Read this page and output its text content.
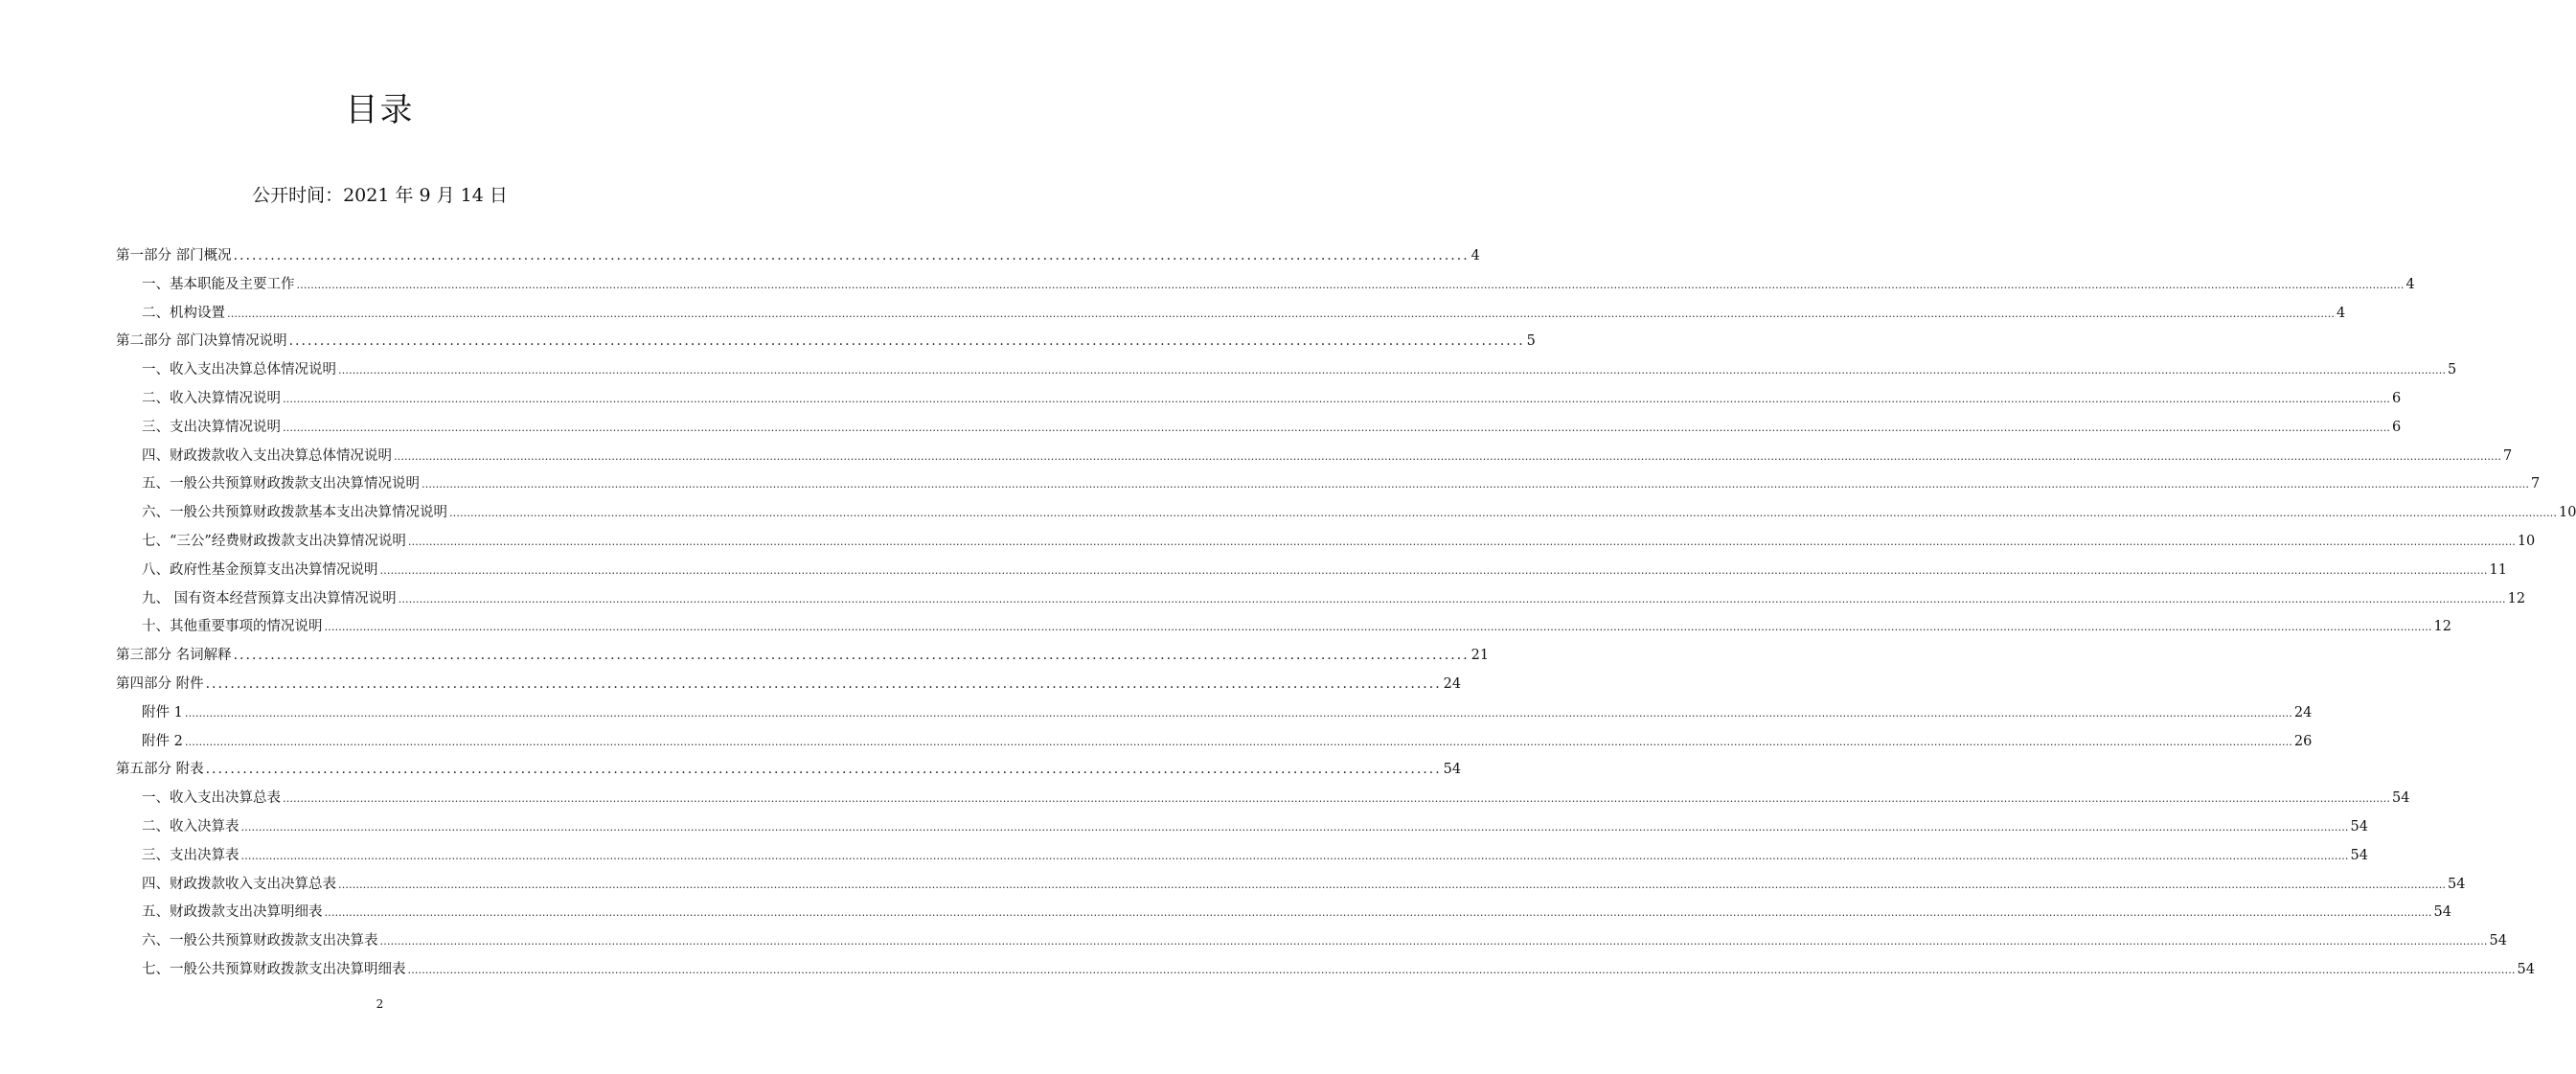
目录
公开时间：2021 年 9 月 14 日
第一部分 部门概况 ........................................................................................................................................................................................................ 4
一、基本职能及主要工作 …………………………………………………………………………………………………………………………………………………………………………………………………………………………………………………………………………………………………………………………………………………………………………………………………………………………………………………………………………………………………………………………………………………… 4
二、机构设置 …………………………………………………………………………………………………………………………………………………………………………………………………………………………………………………………………………………………………………………………………………………………………………………………………………………………………………………………………………………………………………………………………………………… 4
第二部分 部门决算情况说明 ........................................................................................................................................................................................................ 5
一、收入支出决算总体情况说明 …………………………………………………………………………………………………………………………………………………………………………………………………………………………………………………………………………………………………………………………………………………………………………………………………………………………………………………………………………………………………………………………………………………… 5
二、收入决算情况说明 …………………………………………………………………………………………………………………………………………………………………………………………………………………………………………………………………………………………………………………………………………………………………………………………………………………………………………………………………………………………………………………………………………………… 6
三、支出决算情况说明 …………………………………………………………………………………………………………………………………………………………………………………………………………………………………………………………………………………………………………………………………………………………………………………………………………………………………………………………………………………………………………………………………………………… 6
四、财政拨款收入支出决算总体情况说明 …………………………………………………………………………………………………………………………………………………………………………………………………………………………………………………………………………………………………………………………………………………………………………………………………………………………………………………………………………………………………………………………………………………… 7
五、一般公共预算财政拨款支出决算情况说明 …………………………………………………………………………………………………………………………………………………………………………………………………………………………………………………………………………………………………………………………………………………………………………………………………………………………………………………………………………………………………………………………………………………… 7
六、一般公共预算财政拨款基本支出决算情况说明 …………………………………………………………………………………………………………………………………………………………………………………………………………………………………………………………………………………………………………………………………………………………………………………………………………………………………………………………………………………………………………………………………………………… 10
七、“三公”经费财政拨款支出决算情况说明 …………………………………………………………………………………………………………………………………………………………………………………………………………………………………………………………………………………………………………………………………………………………………………………………………………………………………………………………………………………………………………………………………………………… 10
八、政府性基金预算支出决算情况说明 …………………………………………………………………………………………………………………………………………………………………………………………………………………………………………………………………………………………………………………………………………………………………………………………………………………………………………………………………………………………………………………………………………………… 11
九、 国有资本经营预算支出决算情况说明 …………………………………………………………………………………………………………………………………………………………………………………………………………………………………………………………………………………………………………………………………………………………………………………………………………………………………………………………………………………………………………………………………………………… 12
十、其他重要事项的情况说明 …………………………………………………………………………………………………………………………………………………………………………………………………………………………………………………………………………………………………………………………………………………………………………………………………………………………………………………………………………………………………………………………………………………… 12
第三部分 名词解释 ........................................................................................................................................................................................................ 21
第四部分 附件 ........................................................................................................................................................................................................ 24
附件 1 …………………………………………………………………………………………………………………………………………………………………………………………………………………………………………………………………………………………………………………………………………………………………………………………………………………………………………………………………………………………………………………………………………………… 24
附件 2 …………………………………………………………………………………………………………………………………………………………………………………………………………………………………………………………………………………………………………………………………………………………………………………………………………………………………………………………………………………………………………………………………………………… 26
第五部分 附表 ........................................................................................................................................................................................................ 54
一、收入支出决算总表 …………………………………………………………………………………………………………………………………………………………………………………………………………………………………………………………………………………………………………………………………………………………………………………………………………………………………………………………………………………………………………………………………………………… 54
二、收入决算表 …………………………………………………………………………………………………………………………………………………………………………………………………………………………………………………………………………………………………………………………………………………………………………………………………………………………………………………………………………………………………………………………………………………… 54
三、支出决算表 …………………………………………………………………………………………………………………………………………………………………………………………………………………………………………………………………………………………………………………………………………………………………………………………………………………………………………………………………………………………………………………………………………………… 54
四、财政拨款收入支出决算总表 …………………………………………………………………………………………………………………………………………………………………………………………………………………………………………………………………………………………………………………………………………………………………………………………………………………………………………………………………………………………………………………………………………………… 54
五、财政拨款支出决算明细表 …………………………………………………………………………………………………………………………………………………………………………………………………………………………………………………………………………………………………………………………………………………………………………………………………………………………………………………………………………………………………………………………………………………… 54
六、一般公共预算财政拨款支出决算表 …………………………………………………………………………………………………………………………………………………………………………………………………………………………………………………………………………………………………………………………………………………………………………………………………………………………………………………………………………………………………………………………………………………… 54
七、一般公共预算财政拨款支出决算明细表 …………………………………………………………………………………………………………………………………………………………………………………………………………………………………………………………………………………………………………………………………………………………………………………………………………………………………………………………………………………………………………………………………………………… 54
2
